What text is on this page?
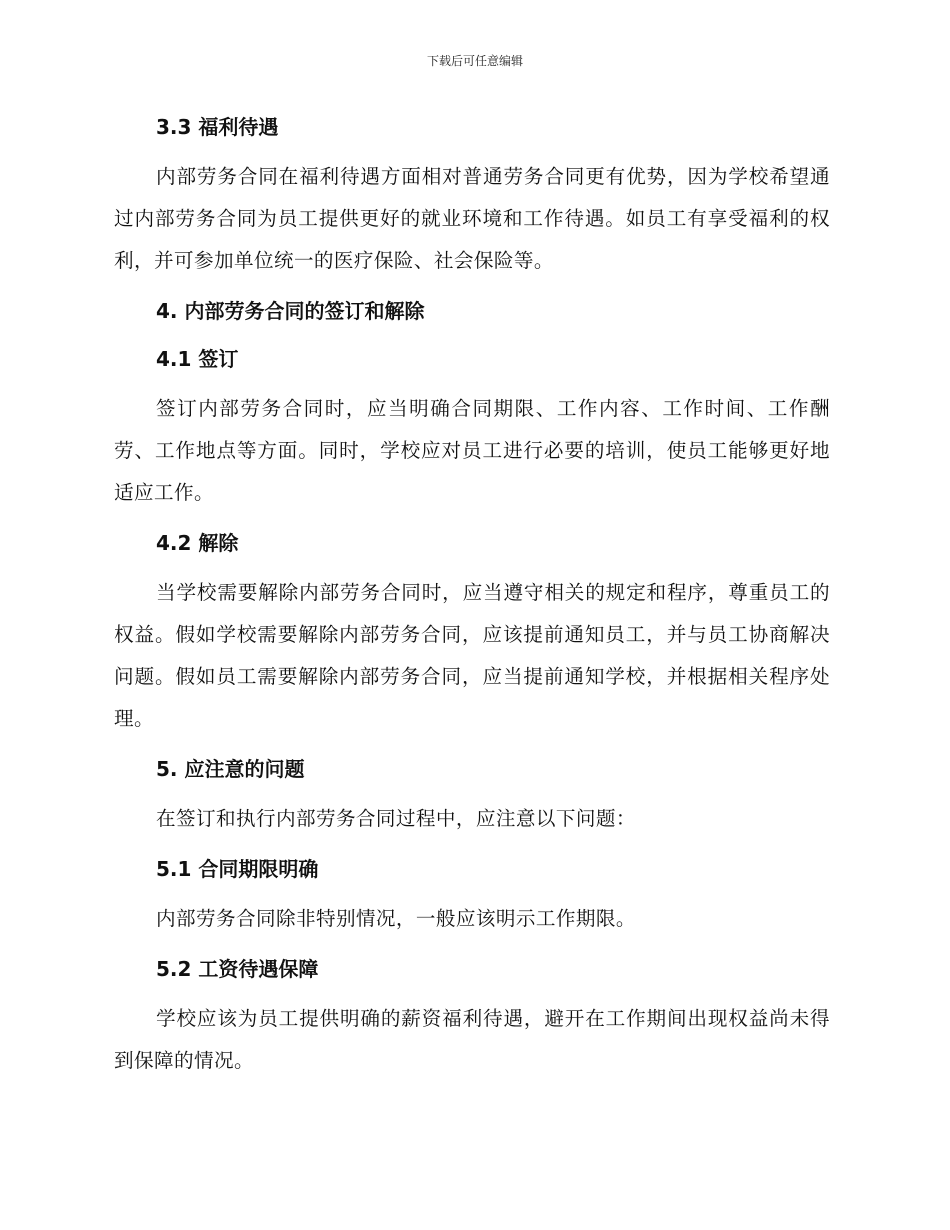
下载后可任意编辑
3.3 福利待遇

内部劳务合同在福利待遇方面相对普通劳务合同更有优势，因为学校希望通过内部劳务合同为员工提供更好的就业环境和工作待遇。如员工有享受福利的权利，并可参加单位统一的医疗保险、社会保险等。

4. 内部劳务合同的签订和解除
4.1 签订

签订内部劳务合同时，应当明确合同期限、工作内容、工作时间、工作酬劳、工作地点等方面。同时，学校应对员工进行必要的培训，使员工能够更好地适应工作。

4.2 解除

当学校需要解除内部劳务合同时，应当遵守相关的规定和程序，尊重员工的权益。假如学校需要解除内部劳务合同，应该提前通知员工，并与员工协商解决问题。假如员工需要解除内部劳务合同，应当提前通知学校，并根据相关程序处理。

5. 应注意的问题

在签订和执行内部劳务合同过程中，应注意以下问题：

5.1 合同期限明确

内部劳务合同除非特别情况，一般应该明示工作期限。

5.2 工资待遇保障

学校应该为员工提供明确的薪资福利待遇，避开在工作期间出现权益尚未得到保障的情况。
